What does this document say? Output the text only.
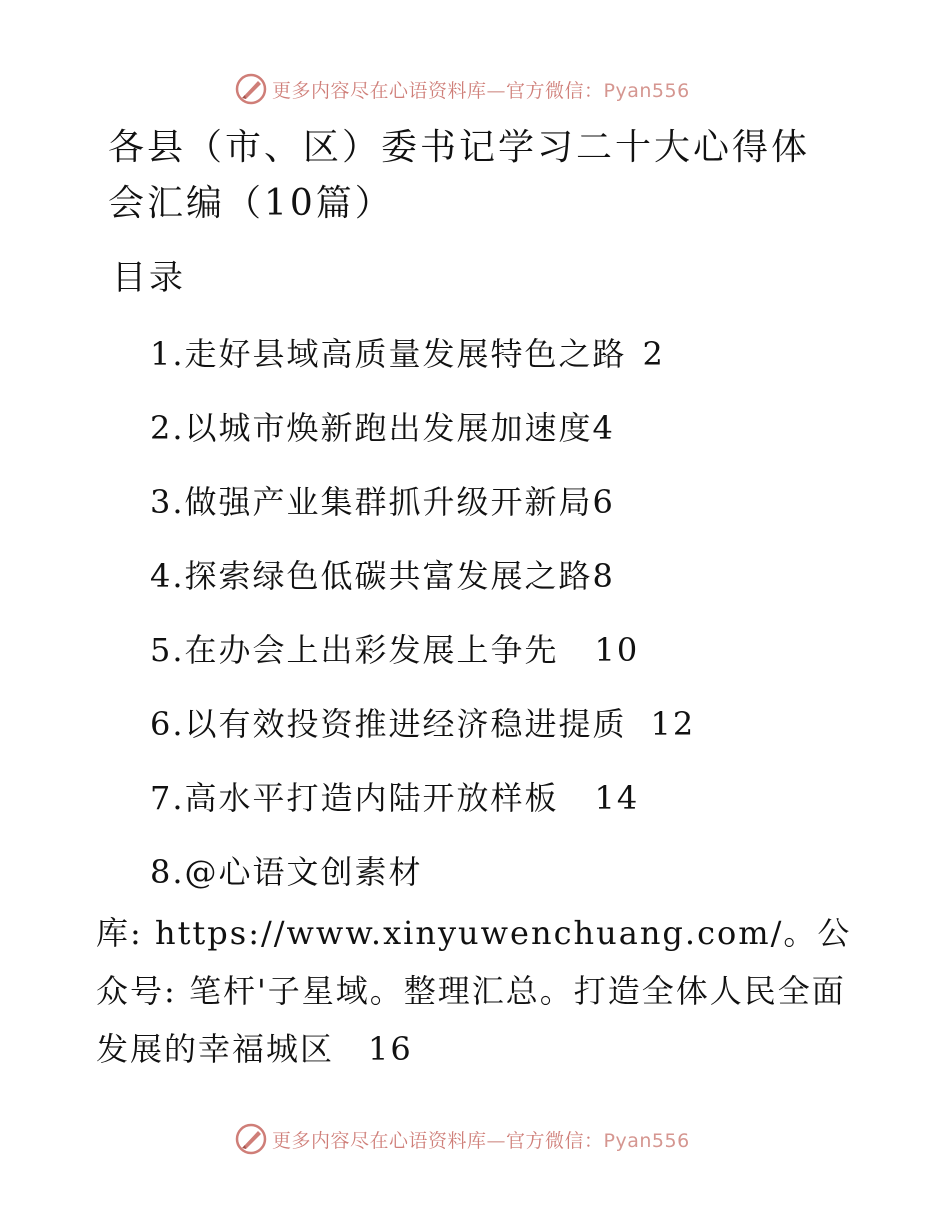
更多内容尽在心语资料库—官方微信：Pyan556
各县（市、区）委书记学习二十大心得体会汇编（10篇）
目录
1.走好县域高质量发展特色之路 2
2.以城市焕新跑出发展加速度 4
3.做强产业集群抓升级开新局 6
4.探索绿色低碳共富发展之路 8
5.在办会上出彩发展上争先 10
6.以有效投资推进经济稳进提质 12
7.高水平打造内陆开放样板 14
8.@心语文创素材

库: https://www.xinyuwenchuang.com/。公众号: 笔杆'子星域。整理汇总。打造全体人民全面发展的幸福城区　16

更多内容尽在心语资料库—官方微信：Pyan556
